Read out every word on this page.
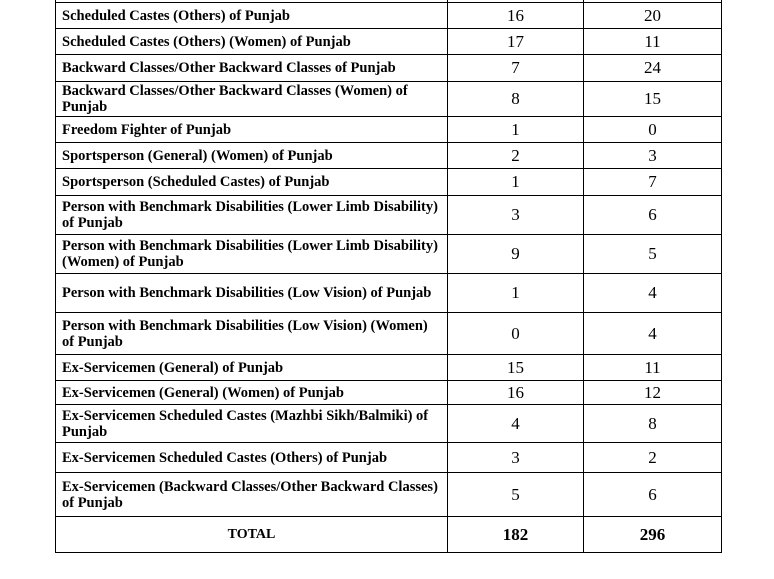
Scheduled Castes (Others) of Punjab	16	20
Scheduled Castes (Others) (Women) of Punjab	17	11
Backward Classes/Other Backward Classes of Punjab	7	24
Backward Classes/Other Backward Classes (Women) of Punjab	8	15
Freedom Fighter of Punjab	1	0
Sportsperson (General) (Women) of Punjab	2	3
Sportsperson (Scheduled Castes) of Punjab	1	7
Person with Benchmark Disabilities (Lower Limb Disability) of Punjab	3	6
Person with Benchmark Disabilities (Lower Limb Disability) (Women) of Punjab	9	5
Person with Benchmark Disabilities (Low Vision) of Punjab	1	4
Person with Benchmark Disabilities (Low Vision) (Women) of Punjab	0	4
Ex-Servicemen (General) of Punjab	15	11
Ex-Servicemen (General) (Women) of Punjab	16	12
Ex-Servicemen Scheduled Castes (Mazhbi Sikh/Balmiki) of Punjab	4	8
Ex-Servicemen Scheduled Castes (Others) of Punjab	3	2
Ex-Servicemen (Backward Classes/Other Backward Classes) of Punjab	5	6
TOTAL	182	296
